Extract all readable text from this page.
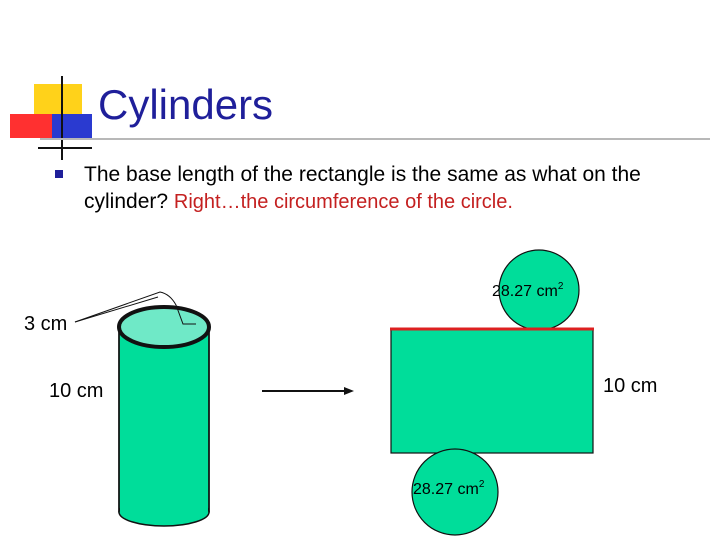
Cylinders
The base length of the rectangle is the same as what on the cylinder? Right…the circumference of the circle.
3 cm
10 cm	10 cm
28.27 $cm^2$
28.27 $cm^2$
